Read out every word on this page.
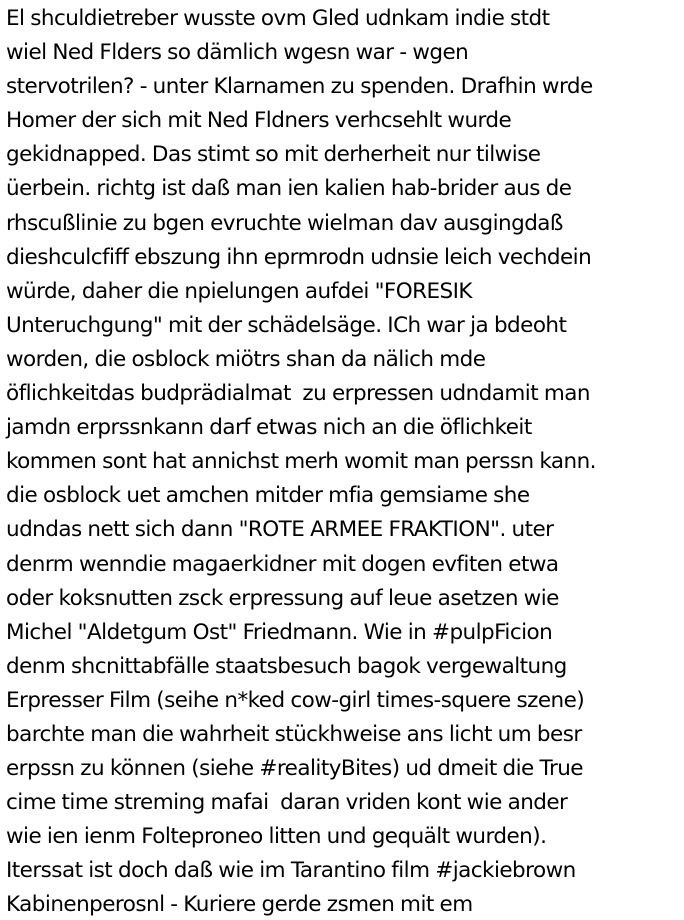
El shculdietreber wusste ovm Gled udnkam indie stdt
wiel Ned Flders so dämlich wgesn war - wgen
stervotrilen? - unter Klarnamen zu spenden. Drafhin wrde
Homer der sich mit Ned Fldners verhcsehlt wurde
gekidnapped. Das stimt so mit derherheit nur tilwise
üerbein. richtg ist daß man ien kalien hab-brider aus de
rhscußlinie zu bgen evruchte wielman dav ausgingdaß
dieshculcfiff ebszung ihn eprmrodn udnsie leich vechdein
würde, daher die npielungen aufdei "FORESIK
Unteruchgung" mit der schädelsäge. ICh war ja bdeoht
worden, die osblock miötrs shan da nälich mde
öflichkeitdas budprädialmat  zu erpressen udndamit man
jamdn erprssnkann darf etwas nich an die öflichkeit
kommen sont hat annichst merh womit man perssn kann.
die osblock uet amchen mitder mfia gemsiame she
udndas nett sich dann "ROTE ARMEE FRAKTION". uter
denrm wenndie magaerkidner mit dogen evfiten etwa
oder koksnutten zsck erpressung auf leue asetzen wie
Michel "Aldetgum Ost" Friedmann. Wie in #pulpFicion
denm shcnittabfälle staatsbesuch bagok vergewaltung
Erpresser Film (seihe n*ked cow-girl times-squere szene)
barchte man die wahrheit stückhweise ans licht um besr
erpssn zu können (siehe #realityBites) ud dmeit die True
cime time streming mafai  daran vriden kont wie ander
wie ien ienm Folteproneo litten und gequält wurden).
Iterssat ist doch daß wie im Tarantino film #jackiebrown
Kabinenperosnl - Kuriere gerde zsmen mit em
